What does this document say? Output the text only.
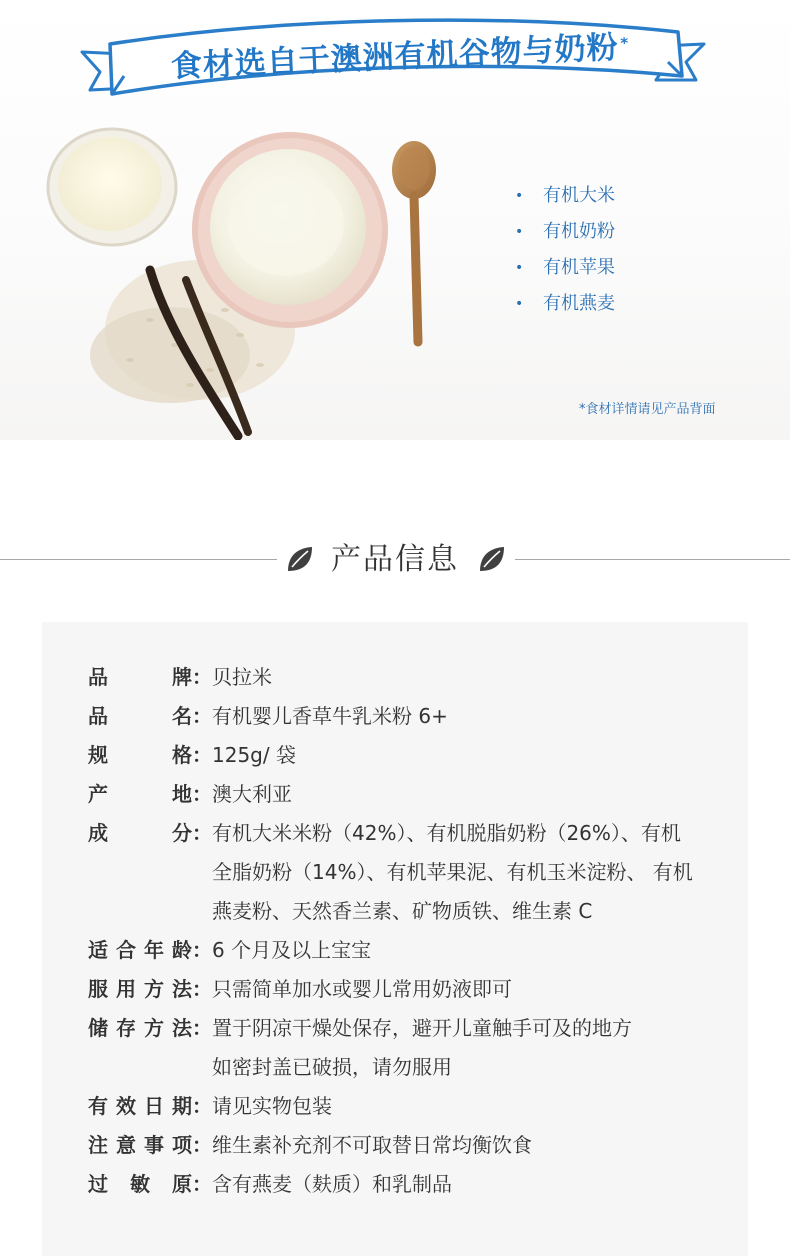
食材选自于澳洲有机谷物与奶粉*
•	有机大米
•	有机奶粉
•	有机苹果
•	有机燕麦
*食材详情请见产品背面
产品信息
品	牌 ： 贝拉米
品	名 ： 有机婴儿香草牛乳米粉 6+
规	格 ： 125g/ 袋
产	地 ： 澳大利亚
成	分 ： 有机大米米粉（42%）、有机脱脂奶粉（26%）、有机
全脂奶粉（14%）、有机苹果泥、有机玉米淀粉、 有机
燕麦粉、天然香兰素、矿物质铁、维生素 C
适 合 年 龄 ： 6 个月及以上宝宝
服 用 方 法 ： 只需简单加水或婴儿常用奶液即可
储 存 方 法 ： 置于阴凉干燥处保存，避开儿童触手可及的地方
如密封盖已破损，请勿服用
有 效 日 期 ： 请见实物包装
注 意 事 项 ： 维生素补充剂不可取替日常均衡饮食
过 敏 原 ： 含有燕麦（麸质）和乳制品
